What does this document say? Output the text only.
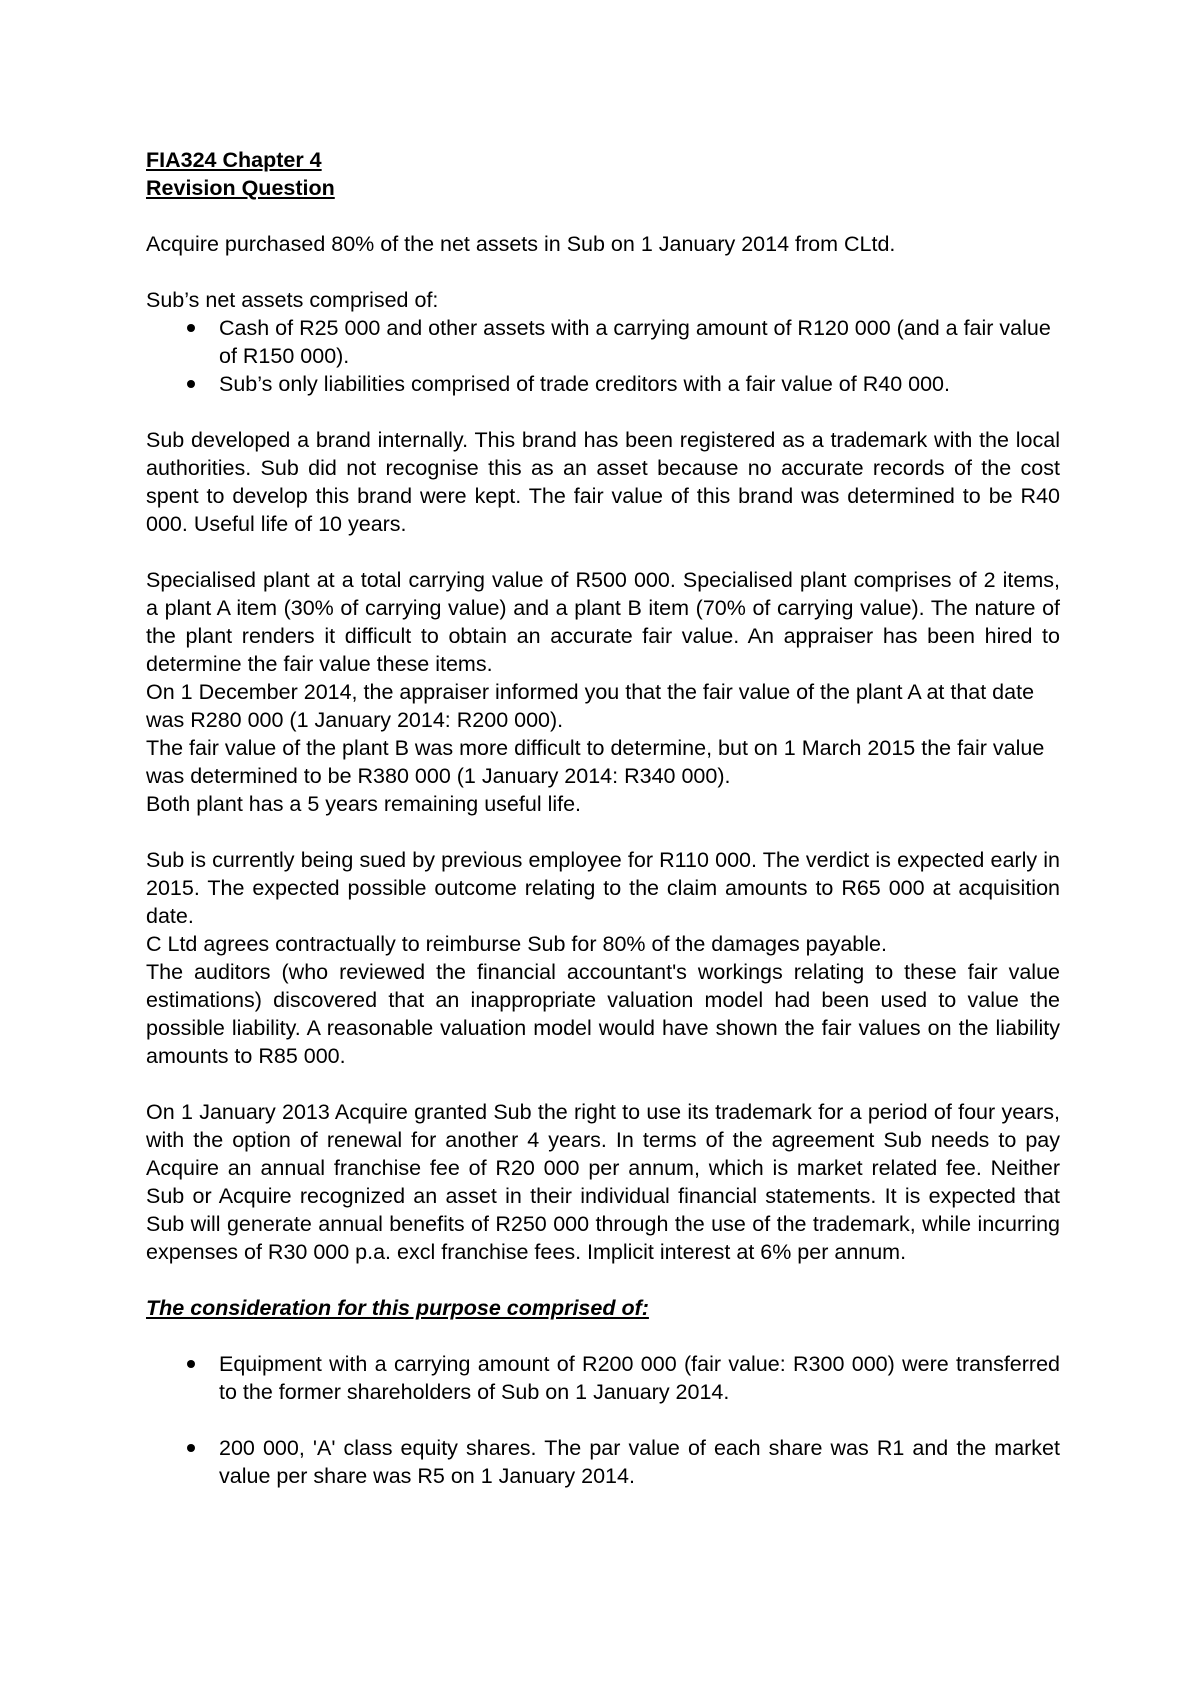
FIA324 Chapter 4

Revision Question

Acquire purchased 80% of the net assets in Sub on 1 January 2014 from CLtd.

Sub’s net assets comprised of:

Cash of R25 000 and other assets with a carrying amount of R120 000 (and a fair value of R150 000).
Sub’s only liabilities comprised of trade creditors with a fair value of R40 000.

Sub developed a brand internally. This brand has been registered as a trademark with the local authorities. Sub did not recognise this as an asset because no accurate records of the cost spent to develop this brand were kept. The fair value of this brand was determined to be R40 000. Useful life of 10 years.

Specialised plant at a total carrying value of R500 000. Specialised plant comprises of 2 items, a plant A item (30% of carrying value) and a plant B item (70% of carrying value). The nature of the plant renders it difficult to obtain an accurate fair value. An appraiser has been hired to determine the fair value these items.

On 1 December 2014, the appraiser informed you that the fair value of the plant A at that date was R280 000 (1 January 2014: R200 000).

The fair value of the plant B was more difficult to determine, but on 1 March 2015 the fair value was determined to be R380 000 (1 January 2014: R340 000).

Both plant has a 5 years remaining useful life.

Sub is currently being sued by previous employee for R110 000. The verdict is expected early in 2015. The expected possible outcome relating to the claim amounts to R65 000 at acquisition date.

C Ltd agrees contractually to reimburse Sub for 80% of the damages payable.

The auditors (who reviewed the financial accountant's workings relating to these fair value estimations) discovered that an inappropriate valuation model had been used to value the possible liability. A reasonable valuation model would have shown the fair values on the liability amounts to R85 000.

On 1 January 2013 Acquire granted Sub the right to use its trademark for a period of four years, with the option of renewal for another 4 years. In terms of the agreement Sub needs to pay Acquire an annual franchise fee of R20 000 per annum, which is market related fee. Neither Sub or Acquire recognized an asset in their individual financial statements. It is expected that Sub will generate annual benefits of R250 000 through the use of the trademark, while incurring expenses of R30 000 p.a. excl franchise fees. Implicit interest at 6% per annum.

The consideration for this purpose comprised of:

Equipment with a carrying amount of R200 000 (fair value: R300 000) were transferred to the former shareholders of Sub on 1 January 2014.
200 000, 'A' class equity shares. The par value of each share was R1 and the market value per share was R5 on 1 January 2014.
